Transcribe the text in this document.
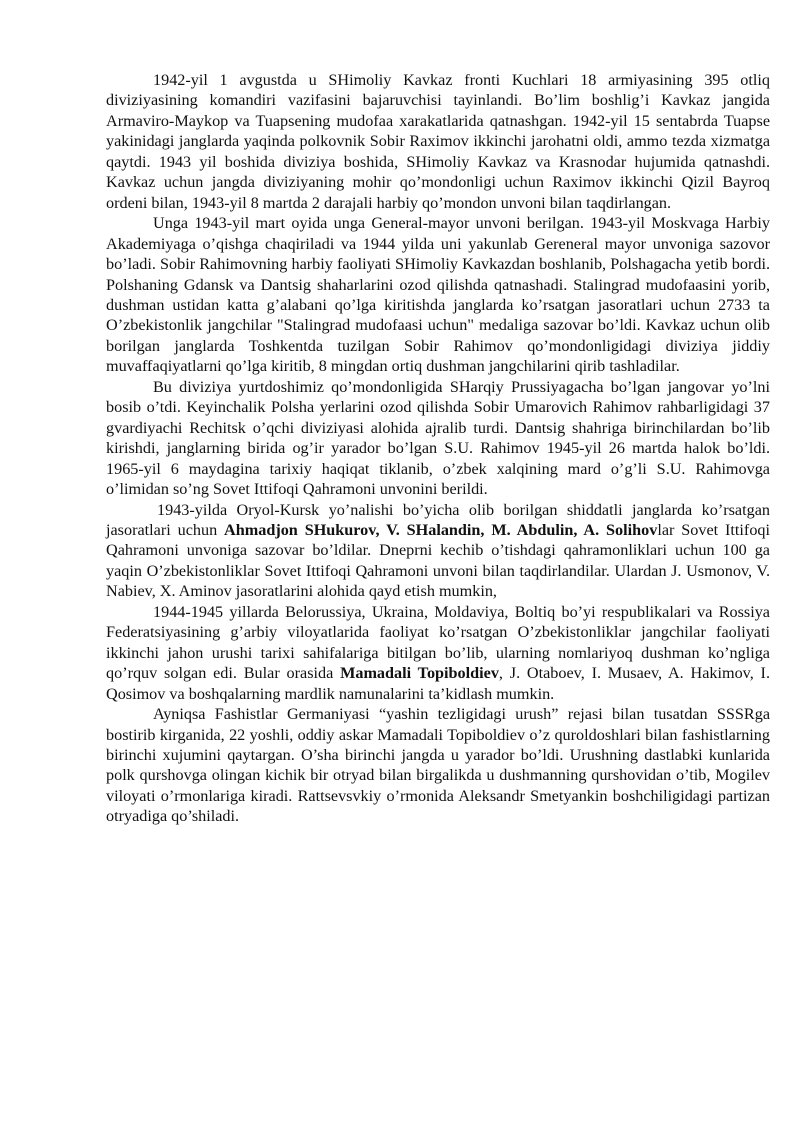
1942-yil 1 avgustda u SHimoliy Kavkaz fronti Kuchlari 18 armiyasining 395 otliq diviziyasining komandiri vazifasini bajaruvchisi tayinlandi. Bo’lim boshlig’i Kavkaz jangida Armaviro-Maykop va Tuapsening mudofaa xarakatlarida qatnashgan. 1942-yil 15 sentabrda Tuapse yakinidagi janglarda yaqinda polkovnik Sobir Raximov ikkinchi jarohatni oldi, ammo tezda xizmatga qaytdi. 1943 yil boshida diviziya boshida, SHimoliy Kavkaz va Krasnodar hujumida qatnashdi. Kavkaz uchun jangda diviziyaning mohir qo’mondonligi uchun Raximov ikkinchi Qizil Bayroq ordeni bilan, 1943-yil 8 martda 2 darajali harbiy qo’mondon unvoni bilan taqdirlangan.

Unga 1943-yil mart oyida unga General-mayor unvoni berilgan. 1943-yil Moskvaga Harbiy Akademiyaga o’qishga chaqiriladi va 1944 yilda uni yakunlab Gereneral mayor unvoniga sazovor bo’ladi. Sobir Rahimovning harbiy faoliyati SHimoliy Kavkazdan boshlanib, Polshagacha yetib bordi. Polshaning Gdansk va Dantsig shaharlarini ozod qilishda qatnashadi. Stalingrad mudofaasini yorib, dushman ustidan katta g’alabani qo’lga kiritishda janglarda ko’rsatgan jasoratlari uchun 2733 ta O’zbekistonlik jangchilar "Stalingrad mudofaasi uchun" medaliga sazovar bo’ldi. Kavkaz uchun olib borilgan janglarda Toshkentda tuzilgan Sobir Rahimov qo’mondonligidagi diviziya jiddiy muvaffaqiyatlarni qo’lga kiritib, 8 mingdan ortiq dushman jangchilarini qirib tashladilar.

Bu diviziya yurtdoshimiz qo’mondonligida SHarqiy Prussiyagacha bo’lgan jangovar yo’lni bosib o’tdi. Keyinchalik Polsha yerlarini ozod qilishda Sobir Umarovich Rahimov rahbarligidagi 37 gvardiyachi Rechitsk o’qchi diviziyasi alohida ajralib turdi. Dantsig shahriga birinchilardan bo’lib kirishdi, janglarning birida og’ir yarador bo’lgan S.U. Rahimov 1945-yil 26 martda halok bo’ldi. 1965-yil 6 maydagina tarixiy haqiqat tiklanib, o’zbek xalqining mard o’g’li S.U. Rahimovga o’limidan so’ng Sovet Ittifoqi Qahramoni unvonini berildi.

1943-yilda Oryol-Kursk yo’nalishi bo’yicha olib borilgan shiddatli janglarda ko’rsatgan jasoratlari uchun Ahmadjon SHukurov, V. SHalandin, M. Abdulin, A. Solihovlar Sovet Ittifoqi Qahramoni unvoniga sazovar bo’ldilar. Dneprni kechib o’tishdagi qahramonliklari uchun 100 ga yaqin O’zbekistonliklar Sovet Ittifoqi Qahramoni unvoni bilan taqdirlandilar. Ulardan J. Usmonov, V. Nabiev, X. Aminov jasoratlarini alohida qayd etish mumkin,

1944-1945 yillarda Belorussiya, Ukraina, Moldaviya, Boltiq bo’yi respublikalari va Rossiya Federatsiyasining g’arbiy viloyatlarida faoliyat ko’rsatgan O’zbekistonliklar jangchilar faoliyati ikkinchi jahon urushi tarixi sahifalariga bitilgan bo’lib, ularning nomlariyoq dushman ko’ngliga qo’rquv solgan edi. Bular orasida Mamadali Topiboldiev, J. Otaboev, I. Musaev, A. Hakimov, I. Qosimov va boshqalarning mardlik namunalarini ta’kidlash mumkin.

Ayniqsa Fashistlar Germaniyasi “yashin tezligidagi urush” rejasi bilan tusatdan SSSRga bostirib kirganida, 22 yoshli, oddiy askar Mamadali Topiboldiev o’z quroldoshlari bilan fashistlarning birinchi xujumini qaytargan. O’sha birinchi jangda u yarador bo’ldi. Urushning dastlabki kunlarida polk qurshovga olingan kichik bir otryad bilan birgalikda u dushmanning qurshovidan o’tib, Mogilev viloyati o’rmonlariga kiradi. Rattsevsvkiy o’rmonida Aleksandr Smetyankin boshchiligidagi partizan otryadiga qo’shiladi.
